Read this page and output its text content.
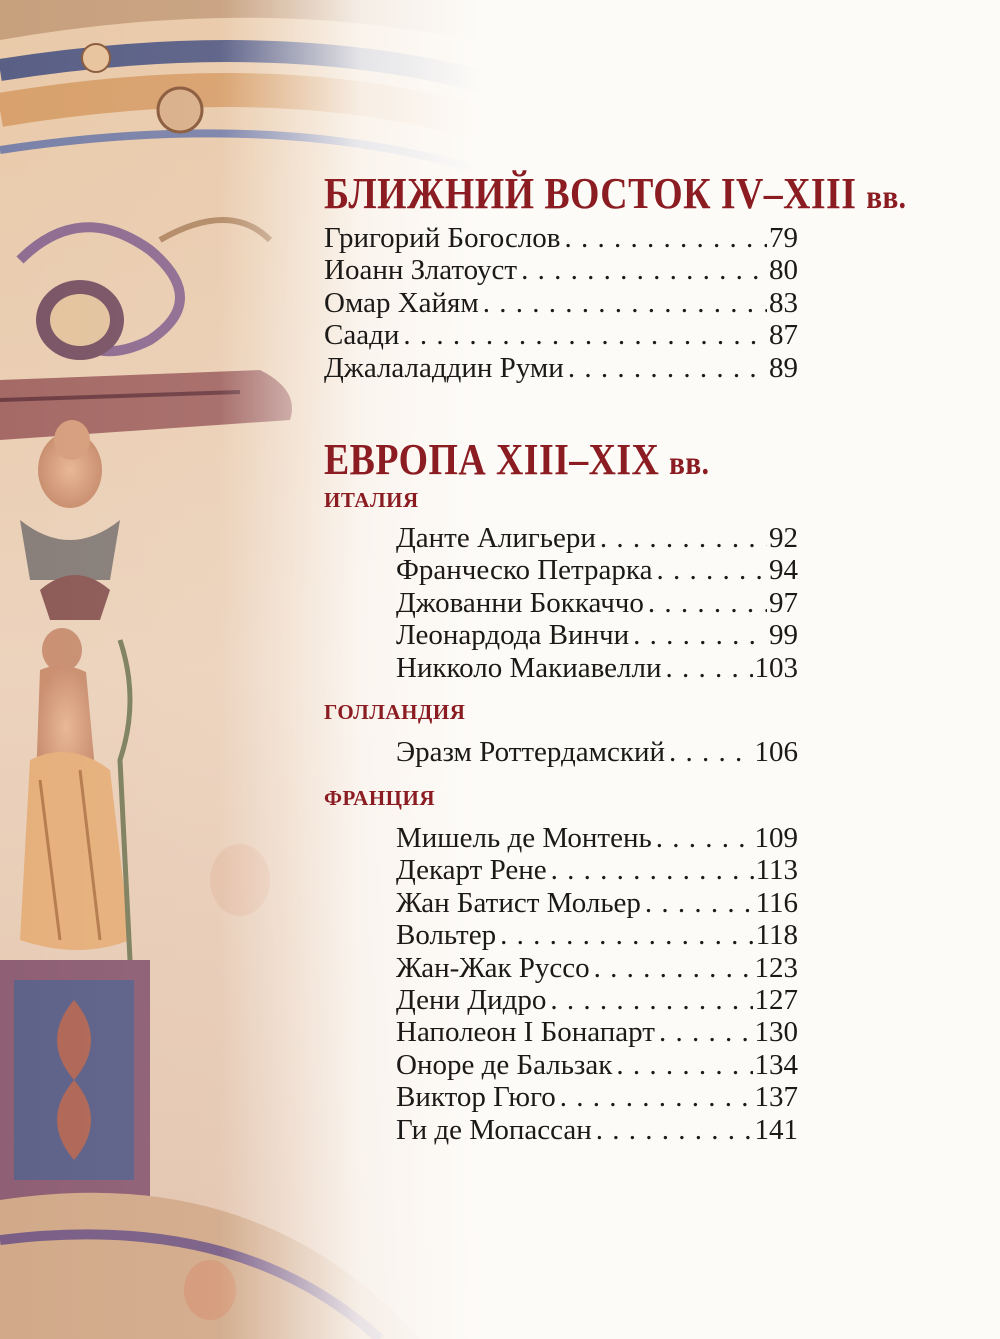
БЛИЖНИЙ ВОСТОК IV–XIII вв.
Григорий Богослов . . .	79
Иоанн Златоуст . . .	80
Омар Хайям . . .	83
Саади . . .	87
Джалаладдин Руми . . .	89
ЕВРОПА XIII–XIX вв.
ИТАЛИЯ
Данте Алигьери . . .	92
Франческо Петрарка . . .	94
Джованни Боккаччо . . .	97
Леонардода Винчи . . .	99
Никколо Макиавелли . . .	103
ГОЛЛАНДИЯ
Эразм Роттердамский . . .	106
ФРАНЦИЯ
Мишель де Монтень . . .	109
Декарт Рене . . .	113
Жан Батист Мольер . . .	116
Вольтер . . .	118
Жан-Жак Руссо . . .	123
Дени Дидро . . .	127
Наполеон I Бонапарт . . .	130
Оноре де Бальзак . . .	134
Виктор Гюго . . .	137
Ги де Мопассан . . .	141
